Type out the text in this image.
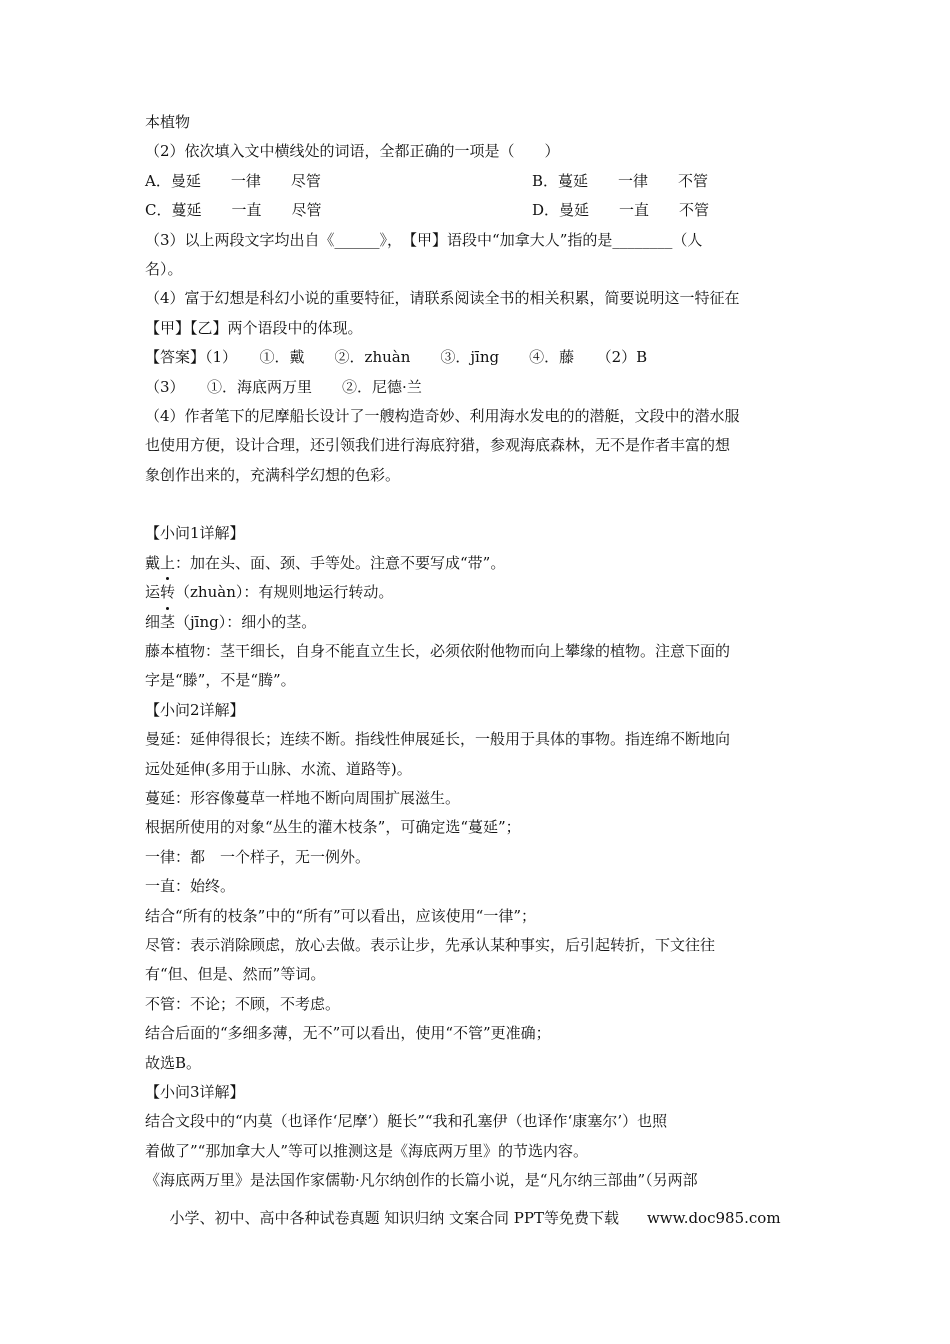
本植物
（2）依次填入文中横线处的词语，全都正确的一项是（　　）
A．曼延　　一律　　尽管	B．蔓延　　一律　　不管
C．蔓延　　一直　　尽管	D．曼延　　一直　　不管
（3）以上两段文字均出自《______》，　【甲】语段中“加拿大人”指的是________（人
名）。
（4）富于幻想是科幻小说的重要特征，请联系阅读全书的相关积累，简要说明这一特征在
【甲】【乙】两个语段中的体现。
【答案】（1）　　①．戴　　②．zhuàn　　③．jīng　　④．藤　　（2）B
（3）　　①．海底两万里　　②．尼德·兰
（4）作者笔下的尼摩船长设计了一艘构造奇妙、利用海水发电的的潜艇，文段中的潜水服
也使用方便，设计合理，还引领我们进行海底狩猎，参观海底森林，无不是作者丰富的想
象创作出来的，充满科学幻想的色彩。
【小问1详解】
戴上：加在头、面、颈、手等处。注意不要写成“带”。
运转（zhuàn）：有规则地运行转动。
细茎（jīng）：细小的茎。
藤本植物：茎干细长，自身不能直立生长，必须依附他物而向上攀缘的植物。注意下面的
字是“滕”，不是“腾”。
【小问2详解】
曼延：延伸得很长；连续不断。指线性伸展延长，一般用于具体的事物。指连绵不断地向
远处延伸(多用于山脉、水流、道路等)。
蔓延：形容像蔓草一样地不断向周围扩展滋生。
根据所使用的对象“丛生的灌木枝条”，可确定选“蔓延”；
一律：都　一个样子，无一例外。
一直：始终。
结合“所有的枝条”中的“所有”可以看出，应该使用“一律”；
尽管：表示消除顾虑，放心去做。表示让步，先承认某种事实，后引起转折，下文往往
有“但、但是、然而”等词。
不管：不论；不顾，不考虑。
结合后面的“多细多薄，无不”可以看出，使用“不管”更准确；
故选B。
【小问3详解】
结合文段中的“内莫（也译作‘尼摩’）艇长”“我和孔塞伊（也译作‘康塞尔’）也照
着做了”“那加拿大人”等可以推测这是《海底两万里》的节选内容。
《海底两万里》是法国作家儒勒·凡尔纳创作的长篇小说，是“凡尔纳三部曲”（另两部
小学、初中、高中各种试卷真题 知识归纳 文案合同 PPT等免费下载 www.doc985.com
